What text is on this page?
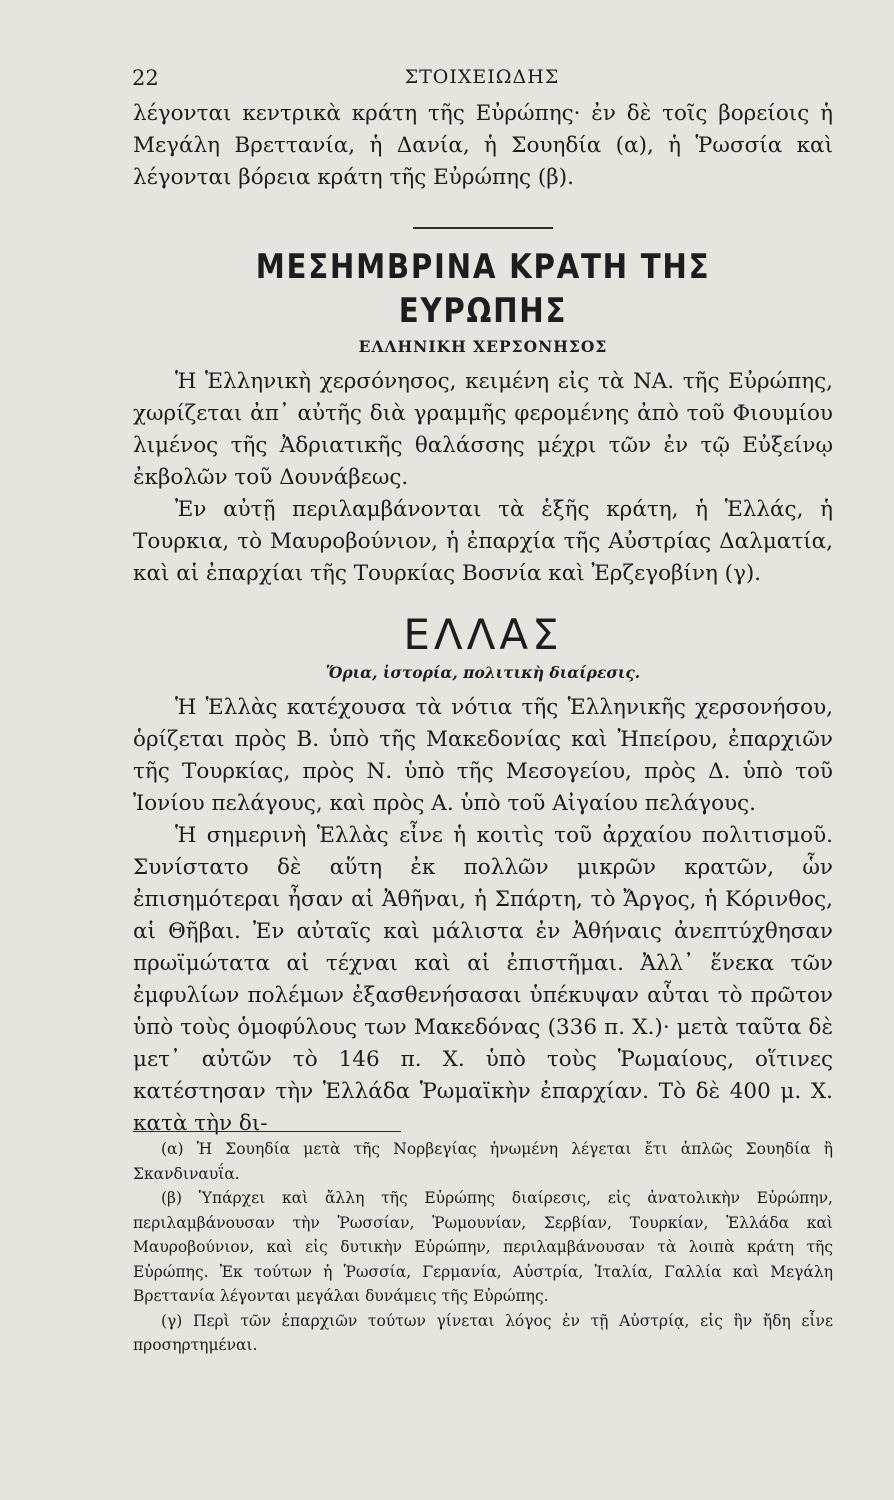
22	ΣΤΟΙΧΕΙΩΔΗΣ

λέγονται κεντρικὰ κράτη τῆς Εὐρώπης· ἐν δὲ τοῖς βορείοις ἡ Μεγάλη Βρεττανία, ἡ Δανία, ἡ Σουηδία (α), ἡ Ῥωσσία καὶ λέγονται βόρεια κράτη τῆς Εὐρώπης (β).

ΜΕΣΗΜΒΡΙΝΑ ΚΡΑΤΗ ΤΗΣ ΕΥΡΩΠΗΣ
ΕΛΛΗΝΙΚΗ ΧΕΡΣΟΝΗΣΟΣ

Ἡ Ἑλληνικὴ χερσόνησος, κειμένη εἰς τὰ ΝΑ. τῆς Εὐρώπης, χωρίζεται ἀπ᾽ αὐτῆς διὰ γραμμῆς φερομένης ἀπὸ τοῦ Φιουμίου λιμένος τῆς Ἀδριατικῆς θαλάσσης μέχρι τῶν ἐν τῷ Εὐξείνῳ ἐκβολῶν τοῦ Δουνάβεως.

Ἐν αὐτῇ περιλαμβάνονται τὰ ἑξῆς κράτη, ἡ Ἑλλάς, ἡ Τουρκια, τὸ Μαυροβούνιον, ἡ ἐπαρχία τῆς Αὐστρίας Δαλματία, καὶ αἱ ἐπαρχίαι τῆς Τουρκίας Βοσνία καὶ Ἐρζεγοβίνη (γ).

ΕΛΛΑΣ
Ὅρια, ἱστορία, πολιτικὴ διαίρεσις.

Ἡ Ἑλλὰς κατέχουσα τὰ νότια τῆς Ἑλληνικῆς χερσονήσου, ὁρίζεται πρὸς Β. ὑπὸ τῆς Μακεδονίας καὶ Ἠπείρου, ἐπαρχιῶν τῆς Τουρκίας, πρὸς Ν. ὑπὸ τῆς Μεσογείου, πρὸς Δ. ὑπὸ τοῦ Ἰονίου πελάγους, καὶ πρὸς Α. ὑπὸ τοῦ Αἰγαίου πελάγους.

Ἡ σημερινὴ Ἑλλὰς εἶνε ἡ κοιτὶς τοῦ ἀρχαίου πολιτισμοῦ. Συνίστατο δὲ αὕτη ἐκ πολλῶν μικρῶν κρατῶν, ὧν ἐπισημότεραι ἦσαν αἱ Ἀθῆναι, ἡ Σπάρτη, τὸ Ἄργος, ἡ Κόρινθος, αἱ Θῆβαι. Ἐν αὐταῖς καὶ μάλιστα ἐν Ἀθήναις ἀνεπτύχθησαν πρωϊμώτατα αἱ τέχναι καὶ αἱ ἐπιστῆμαι. Ἀλλ᾽ ἕνεκα τῶν ἐμφυλίων πολέμων ἐξασθενήσασαι ὑπέκυψαν αὗται τὸ πρῶτον ὑπὸ τοὺς ὁμοφύλους των Μακεδόνας (336 π. Χ.)· μετὰ ταῦτα δὲ μετ᾽ αὐτῶν τὸ 146 π. Χ. ὑπὸ τοὺς Ῥωμαίους, οἵτινες κατέστησαν τὴν Ἑλλάδα Ῥωμαϊκὴν ἐπαρχίαν. Τὸ δὲ 400 μ. Χ. κατὰ τὴν δι-

(α) Ἡ Σουηδία μετὰ τῆς Νορβεγίας ἡνωμένη λέγεται ἔτι ἁπλῶς Σουηδία ἢ Σκανδιναυΐα.

(β) Ὑπάρχει καὶ ἄλλη τῆς Εὐρώπης διαίρεσις, εἰς ἀνατολικὴν Εὐρώπην, περιλαμβάνουσαν τὴν Ῥωσσίαν, Ῥωμουνίαν, Σερβίαν, Τουρκίαν, Ἑλλάδα καὶ Μαυροβούνιον, καὶ εἰς δυτικὴν Εὐρώπην, περιλαμβάνουσαν τὰ λοιπὰ κράτη τῆς Εὐρώπης. Ἐκ τούτων ἡ Ῥωσσία, Γερμανία, Αὐστρία, Ἰταλία, Γαλλία καὶ Μεγάλη Βρεττανία λέγονται μεγάλαι δυνάμεις τῆς Εὐρώπης.

(γ) Περὶ τῶν ἐπαρχιῶν τούτων γίνεται λόγος ἐν τῇ Αὐστρίᾳ, εἰς ἣν ἤδη εἶνε προσηρτημέναι.
